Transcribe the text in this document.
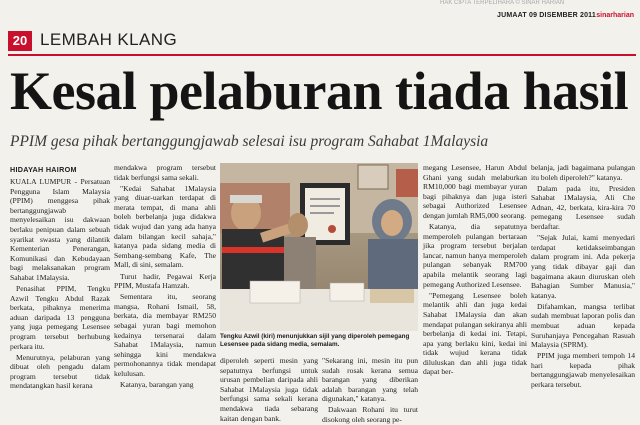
HAK CIPTA TERPELIHARA © SINAR HARIAN
JUMAAT 09 DISEMBER 2011 sinarharian
20 LEMBAH KLANG
Kesal pelaburan tiada hasil
PPIM gesa pihak bertanggungjawab selesai isu program Sahabat 1Malaysia
HIDAYAH HAIROM

KUALA LUMPUR - Persatuan Pengguna Islam Malaysia (PPIM) menggesa pihak bertanggungjawab menyelesaikan isu dakwaan berlaku penipuan dalam sebuah syarikat swasta yang dilantik Kementerian Penerangan, Komunikasi dan Kebudayaan bagi melaksanakan program Sahabat 1Malaysia.

Penasihat PPIM, Tengku Azwil Tengku Abdul Razak berkata, pihaknya menerima aduan daripada 13 pengguna yang juga pemegang Lesensee program tersebut berhubung perkara itu.

Menurutnya, pelaburan yang dibuat oleh pengadu dalam program tersebut tidak mendatangkan hasil kerana

mendakwa program tersebut tidak berfungsi sama sekali.

"Kedai Sahabat 1Malaysia yang diuar-uarkan terdapat di merata tempat, di mana ahli boleh berbelanja juga didakwa tidak wujud dan yang ada hanya dalam bilangan kecil sahaja," katanya pada sidang media di Sembang-sembang Kafe, The Mall, di sini, semalam.

Turut hadir, Pegawai Kerja PPIM, Mustafa Hamzah.

Sementara itu, seorang mangsa, Rohani Ismail, 58, berkata, dia membayar RM250 sebagai yuran bagi memohon kedainya tersenarai dalam Sahabat 1Malaysia, namun sehingga kini mendakwa permohonannya tidak mendapat kelulusan.

Katanya, barangan yang

diperoleh seperti mesin yang sepatutnya berfungsi untuk urusan pembelian daripada ahli Sahabat 1Malaysia juga tidak berfungsi sama sekali kerana mendakwa tiada sebarang kaitan dengan bank.

"Sekarang ini, mesin itu pun sudah rosak kerana semua barangan yang diberikan adalah barangan yang telah digunakan," katanya.

Dakwaan Rohani itu turut disokong oleh seorang pe-

megang Lesensee, Harun Abdul Ghani yang sudah melaburkan RM10,000 bagi membayar yuran bagi pihaknya dan juga isteri sebagai Authorized Lesensee dengan jumlah RM5,000 seorang.

Katanya, dia sepatutnya memperoleh pulangan bertaraan jika program tersebut berjalan lancar, namun hanya memperoleh pulangan sebanyak RM700 apabila melantik seorang lagi pemegang Authorized Lesensee.

"Pemegang Lesensee boleh melantik ahli dan juga kedai Sahabat 1Malaysia dan akan mendapat pulangan sekiranya ahli berbelanja di kedai ini. Tetapi, apa yang berlaku kini, kedai ini tidak wujud kerana tidak diluluskan dan ahli juga tidak dapat ber-

belanja, jadi bagaimana pulangan itu boleh diperoleh?" katanya.

Dalam pada itu, Presiden Sahabat 1Malaysia, Ali Che Adnan, 42, berkata, kira-kira 70 pemegang Lesensee sudah berdaftar.

"Sejak Julai, kami menyedari terdapat ketidakseimbangan dalam program ini. Ada pekerja yang tidak dibayar gaji dan bagaimana akaun diuruskan oleh Bahagian Sumber Manusia," katanya.

Difahamkan, mangsa terlibat sudah membuat laporan polis dan membuat aduan kepada Suruhanjaya Pencegahan Rasuah Malaysia (SPRM).

PPIM juga memberi tempoh 14 hari kepada pihak bertanggungjawab menyelesaikan perkara tersebut.

Tengku Azwil (kiri) menunjukkan sijil yang diperoleh pemegang Lesensee pada sidang media, semalam.
